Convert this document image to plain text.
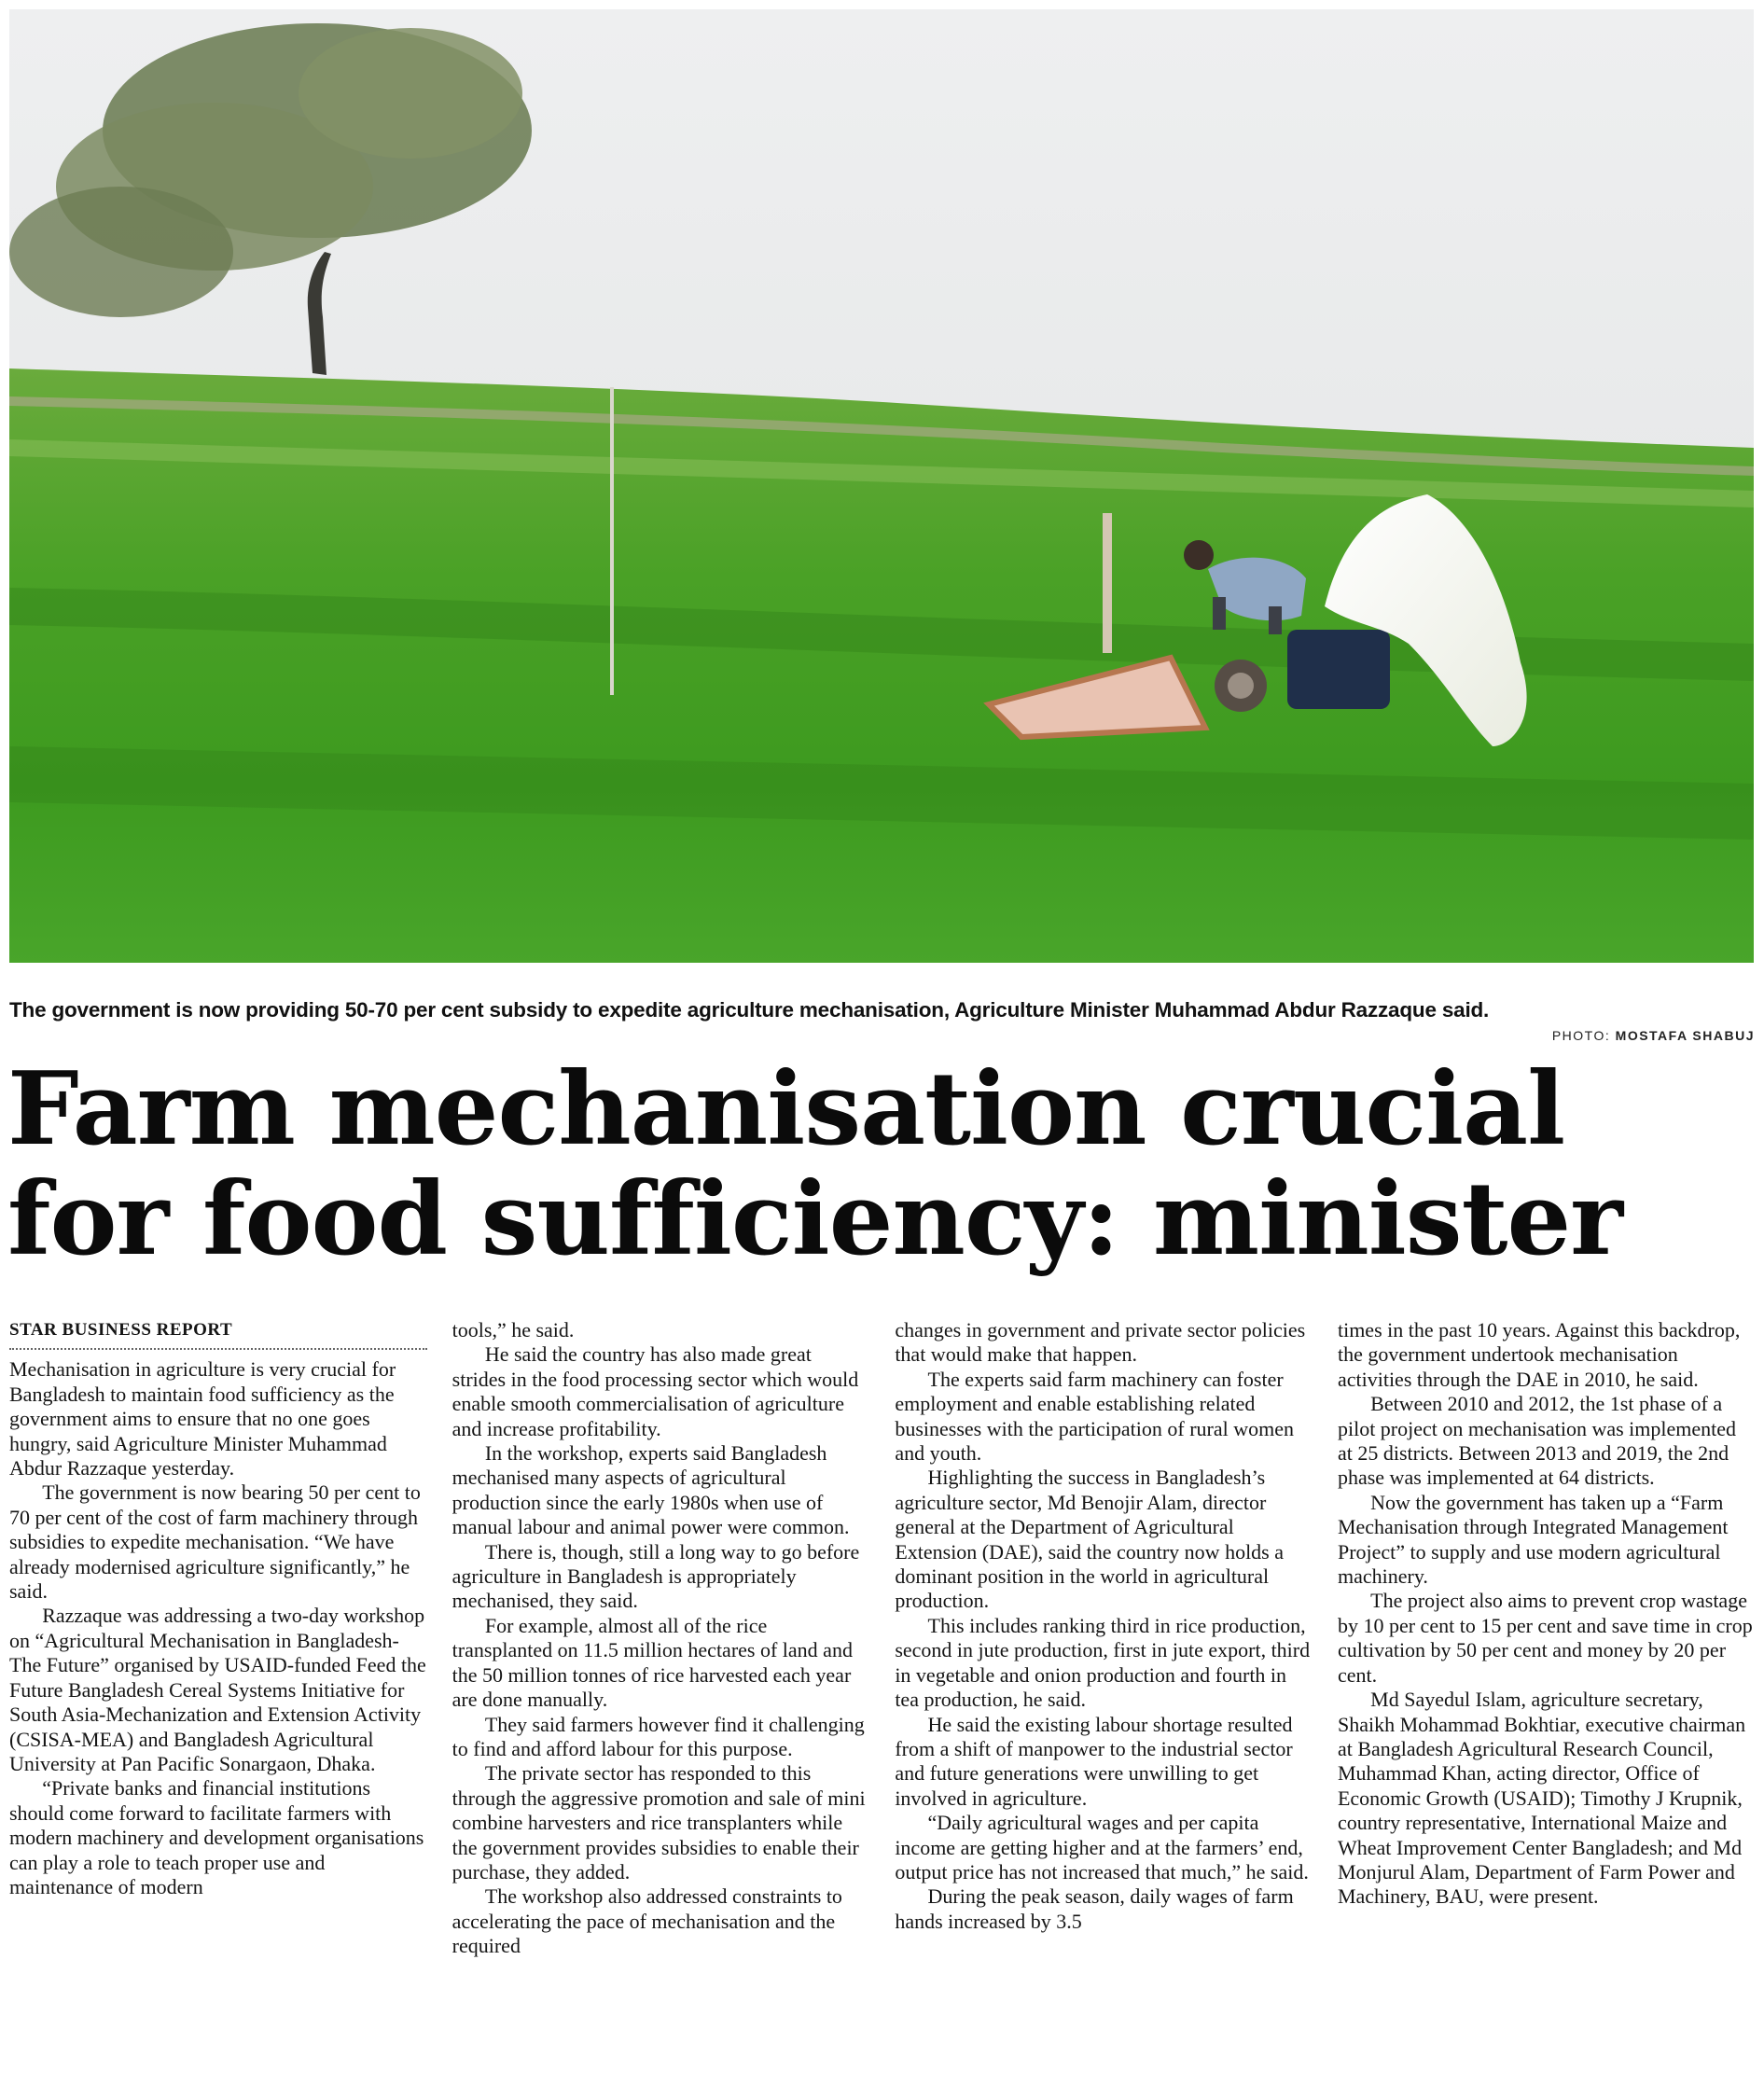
The government is now providing 50-70 per cent subsidy to expedite agriculture mechanisation, Agriculture Minister Muhammad Abdur Razzaque said.
PHOTO: MOSTAFA SHABUJ
Farm mechanisation crucial
for food sufficiency: minister
STAR BUSINESS REPORT

Mechanisation in agriculture is very crucial for Bangladesh to maintain food sufficiency as the government aims to ensure that no one goes hungry, said Agriculture Minister Muhammad Abdur Razzaque yesterday.

The government is now bearing 50 per cent to 70 per cent of the cost of farm machinery through subsidies to expedite mechanisation. “We have already modernised agriculture significantly,” he said.

Razzaque was addressing a two-day workshop on “Agricultural Mechanisation in Bangladesh-The Future” organised by USAID-funded Feed the Future Bangladesh Cereal Systems Initiative for South Asia-Mechanization and Extension Activity (CSISA-MEA) and Bangladesh Agricultural University at Pan Pacific Sonargaon, Dhaka.

“Private banks and financial institutions should come forward to facilitate farmers with modern machinery and development organisations can play a role to teach proper use and maintenance of modern

tools,” he said.

He said the country has also made great strides in the food processing sector which would enable smooth commercialisation of agriculture and increase profitability.

In the workshop, experts said Bangladesh mechanised many aspects of agricultural production since the early 1980s when use of manual labour and animal power were common.

There is, though, still a long way to go before agriculture in Bangladesh is appropriately mechanised, they said.

For example, almost all of the rice transplanted on 11.5 million hectares of land and the 50 million tonnes of rice harvested each year are done manually.

They said farmers however find it challenging to find and afford labour for this purpose.

The private sector has responded to this through the aggressive promotion and sale of mini combine harvesters and rice transplanters while the government provides subsidies to enable their purchase, they added.

The workshop also addressed constraints to accelerating the pace of mechanisation and the required

changes in government and private sector policies that would make that happen.

The experts said farm machinery can foster employment and enable establishing related businesses with the participation of rural women and youth.

Highlighting the success in Bangladesh’s agriculture sector, Md Benojir Alam, director general at the Department of Agricultural Extension (DAE), said the country now holds a dominant position in the world in agricultural production.

This includes ranking third in rice production, second in jute production, first in jute export, third in vegetable and onion production and fourth in tea production, he said.

He said the existing labour shortage resulted from a shift of manpower to the industrial sector and future generations were unwilling to get involved in agriculture.

“Daily agricultural wages and per capita income are getting higher and at the farmers’ end, output price has not increased that much,” he said.

During the peak season, daily wages of farm hands increased by 3.5

times in the past 10 years. Against this backdrop, the government undertook mechanisation activities through the DAE in 2010, he said.

Between 2010 and 2012, the 1st phase of a pilot project on mechanisation was implemented at 25 districts. Between 2013 and 2019, the 2nd phase was implemented at 64 districts.

Now the government has taken up a “Farm Mechanisation through Integrated Management Project” to supply and use modern agricultural machinery.

The project also aims to prevent crop wastage by 10 per cent to 15 per cent and save time in crop cultivation by 50 per cent and money by 20 per cent.

Md Sayedul Islam, agriculture secretary, Shaikh Mohammad Bokhtiar, executive chairman at Bangladesh Agricultural Research Council, Muhammad Khan, acting director, Office of Economic Growth (USAID); Timothy J Krupnik, country representative, International Maize and Wheat Improvement Center Bangladesh; and Md Monjurul Alam, Department of Farm Power and Machinery, BAU, were present.
